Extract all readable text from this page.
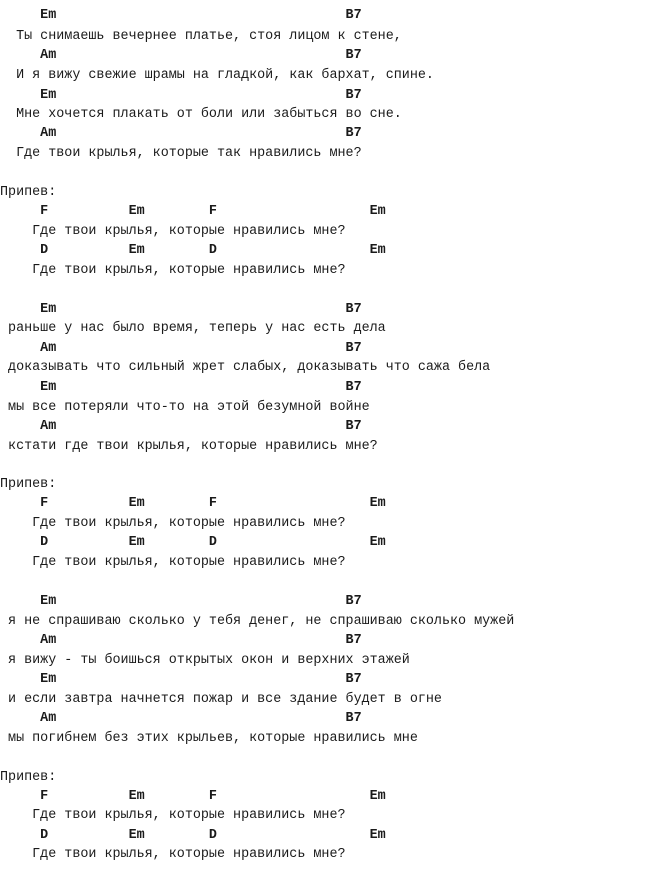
Em                                    B7
Ты снимаешь вечернее платье, стоя лицом к стене,
Am                                    B7
И я вижу свежие шрамы на гладкой, как бархат, спине.
Em                                    B7
Мне хочется плакать от боли или забыться во сне.
Am                                    B7
Где твои крылья, которые так нравились мне?
Припев:
F          Em        F                   Em
Где твои крылья, которые нравились мне?
D          Em        D                   Em
Где твои крылья, которые нравились мне?
Em                                    B7
раньше у нас было время, теперь у нас есть дела
Am                                    B7
доказывать что сильный жрет слабых, доказывать что сажа бела
Em                                    B7
мы все потеряли что-то на этой безумной войне
Am                                    B7
кстати где твои крылья, которые нравились мне?
Припев:
F          Em        F                   Em
Где твои крылья, которые нравились мне?
D          Em        D                   Em
Где твои крылья, которые нравились мне?
Em                                    B7
я не спрашиваю сколько у тебя денег, не спрашиваю сколько мужей
Am                                    B7
я вижу - ты боишься открытых окон и верхних этажей
Em                                    B7
и если завтра начнется пожар и все здание будет в огне
Am                                    B7
мы погибнем без этих крыльев, которые нравились мне
Припев:
F          Em        F                   Em
Где твои крылья, которые нравились мне?
D          Em        D                   Em
Где твои крылья, которые нравились мне?
